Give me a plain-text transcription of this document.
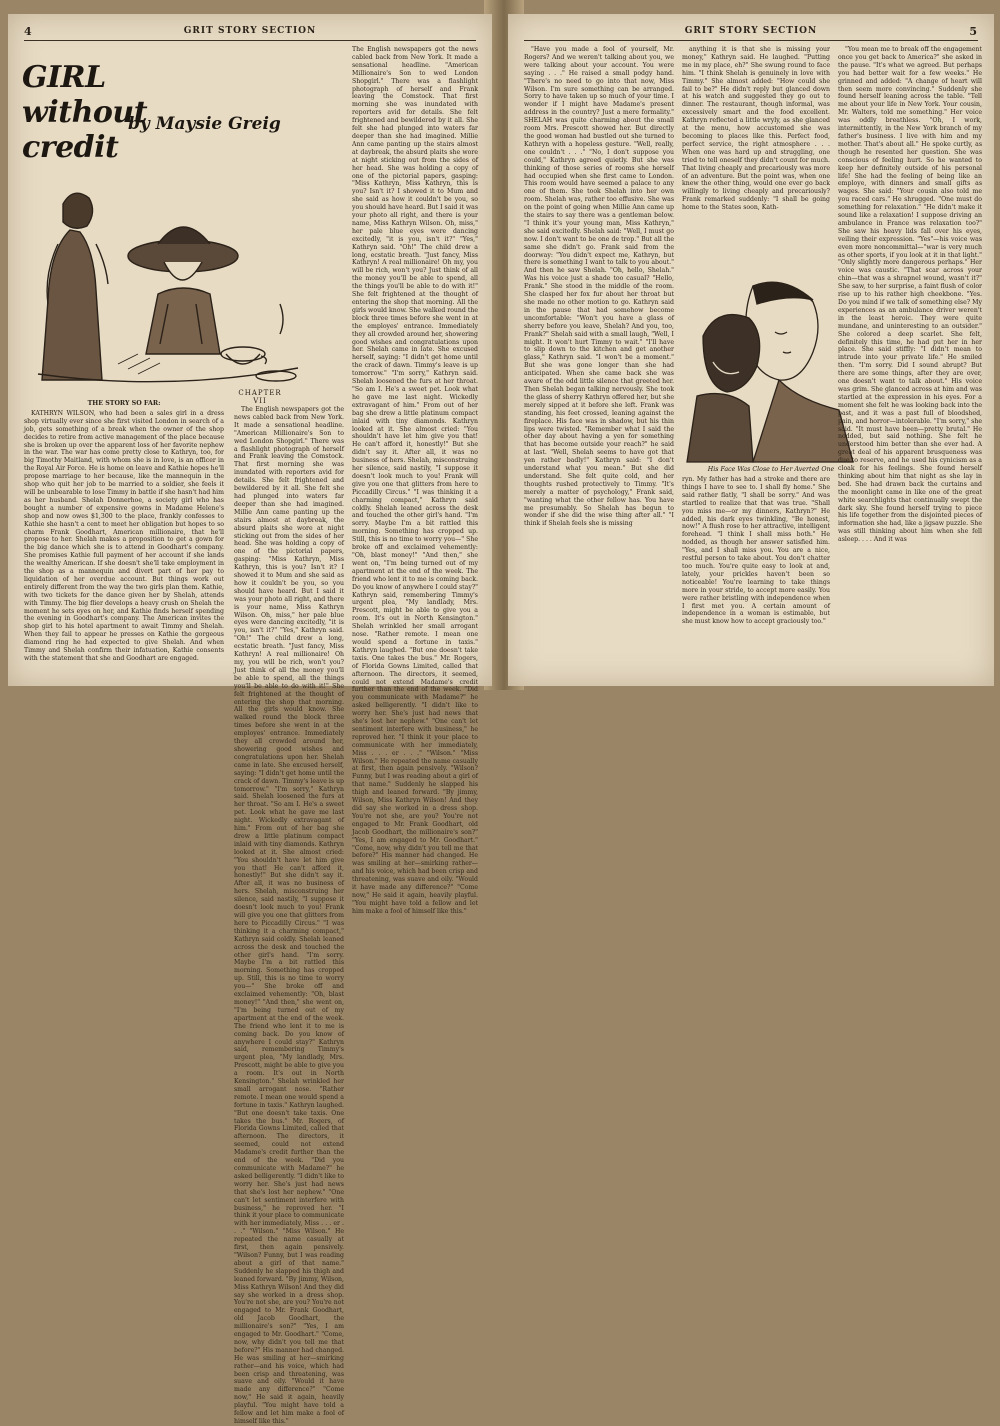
4	GRIT STORY SECTION
GIRL without credit
by Maysie Greig
CHAPTER VII

THE STORY SO FAR:

KATHRYN WILSON, who had been a sales girl in a dress shop virtually ever since she first visited London in search of a job, gets something of a break when the owner of the shop decides to retire from active management of the place because she is broken up over the apparent loss of her favorite nephew in the war. The war has come pretty close to Kathryn, too, for big Timothy Maitland, with whom she is in love, is an officer in the Royal Air Force. He is home on leave and Kathie hopes he'll propose marriage to her because, like the mannequin in the shop who quit her job to be married to a soldier, she feels it will be unbearable to lose Timmy in battle if she hasn't had him as her husband. Shelah Donnerhoe, a society girl who has bought a number of expensive gowns in Madame Helene's shop and now owes $1,300 to the place, frankly confesses to Kathie she hasn't a cent to meet her obligation but hopes to so charm Frank Goodhart, American millionaire, that he'll propose to her. Shelah makes a proposition to get a gown for the big dance which she is to attend in Goodhart's company. She promises Kathie full payment of her account if she lands the wealthy American. If she doesn't she'll take employment in the shop as a mannequin and divert part of her pay to liquidation of her overdue account. But things work out entirely different from the way the two girls plan them. Kathie, with two tickets for the dance given her by Shelah, attends with Timmy. The big flier develops a heavy crush on Shelah the moment he sets eyes on her, and Kathie finds herself spending the evening in Goodhart's company. The American invites the shop girl to his hotel apartment to await Timmy and Shelah. When they fail to appear he presses on Kathie the gorgeous diamond ring he had expected to give Shelah. And when Timmy and Shelah confirm their infatuation, Kathie consents with the statement that she and Goodhart are engaged.

The English newspapers got the news cabled back from New York. It made a sensational headline. "American Millionaire's Son to wed London Shopgirl." There was a flashlight photograph of herself and Frank leaving the Comstock. That first morning she was inundated with reporters avid for details. She felt frightened and bewildered by it all. She felt she had plunged into waters far deeper than she had imagined. Millie Ann came panting up the stairs almost at daybreak, the absurd plaits she wore at night sticking out from the sides of her head. She was holding a copy of one of the pictorial papers, gasping: "Miss Kathryn, Miss Kathryn, this is you? Isn't it? I showed it to Mum and she said as how it couldn't be you, so you should have heard. But I said it was your photo all right, and there is your name, Miss Kathryn Wilson. Oh, miss," her pale blue eyes were dancing excitedly, "it is you, isn't it?" "Yes," Kathryn said. "Oh!" The child drew a long, ecstatic breath. "Just fancy, Miss Kathryn! A real millionaire! Oh my, you will be rich, won't you? Just think of all the money you'll be able to spend, all the things you'll be able to do with it!" She felt frightened at the thought of entering the shop that morning. All the girls would know. She walked round the block three times before she went in at the employes' entrance. Immediately they all crowded around her, showering good wishes and congratulations upon her. Shelah came in late. She excused herself, saying: "I didn't get home until the crack of dawn. Timmy's leave is up tomorrow." "I'm sorry," Kathryn said. Shelah loosened the furs at her throat. "So am I. He's a sweet pet. Look what he gave me last night. Wickedly extravagant of him." From out of her bag she drew a little platinum compact inlaid with tiny diamonds. Kathryn looked at it. She almost cried: "You shouldn't have let him give you that! He can't afford it, honestly!" But she didn't say it. After all, it was no business of hers. Shelah, misconstruing her silence, said nastily, "I suppose it doesn't look much to you! Frank will give you one that glitters from here to Piccadilly Circus." "I was thinking it a charming compact," Kathryn said coldly. Shelah leaned across the desk and touched the other girl's hand. "I'm sorry. Maybe I'm a bit rattled this morning. Something has cropped up. Still, this is no time to worry you—" She broke off and exclaimed vehemently: "Oh, blast money!" "And then," she went on, "I'm being turned out of my apartment at the end of the week. The friend who lent it to me is coming back. Do you know of anywhere I could stay?" Kathryn said, remembering Timmy's urgent plea, "My landlady, Mrs. Prescott, might be able to give you a room. It's out in North Kensington." Shelah wrinkled her small arrogant nose. "Rather remote. I mean one would spend a fortune in taxis." Kathryn laughed. "But one doesn't take taxis. One takes the bus." Mr. Rogers, of Florida Gowns Limited, called that afternoon. The directors, it seemed, could not extend Madame's credit further than the end of the week. "Did you communicate with Madame?" he asked belligerently. "I didn't like to worry her. She's just had news that she's lost her nephew." "One can't let sentiment interfere with business," he reproved her. "I think it your place to communicate with her immediately, Miss . . . er . . ." "Wilson." "Miss Wilson." He repeated the name casually at first, then again pensively. "Wilson? Funny, but I was reading about a girl of that name." Suddenly he slapped his thigh and leaned forward. "By jimmy, Wilson, Miss Kathryn Wilson! And they did say she worked in a dress shop. You're not she, are you? You're not engaged to Mr. Frank Goodhart, old Jacob Goodhart, the millionaire's son?" "Yes, I am engaged to Mr. Goodhart." "Come, now, why didn't you tell me that before?" His manner had changed. He was smiling at her—smirking rather—and his voice, which had been crisp and threatening, was suave and oily. "Would it have made any difference?" "Come now," He said it again, heavily playful. "You might have told a fellow and let him make a fool of himself like this."

The English newspapers got the news cabled back from New York. It made a sensational headline. "American Millionaire's Son to wed London Shopgirl." There was a flashlight photograph of herself and Frank leaving the Comstock. That first morning she was inundated with reporters avid for details. She felt frightened and bewildered by it all. She felt she had plunged into waters far deeper than she had imagined. Millie Ann came panting up the stairs almost at daybreak, the absurd plaits she wore at night sticking out from the sides of her head. She was holding a copy of one of the pictorial papers, gasping: "Miss Kathryn, Miss Kathryn, this is you? Isn't it? I showed it to Mum and she said as how it couldn't be you, so you should have heard. But I said it was your photo all right, and there is your name, Miss Kathryn Wilson. Oh, miss," her pale blue eyes were dancing excitedly, "it is you, isn't it?" "Yes," Kathryn said. "Oh!" The child drew a long, ecstatic breath. "Just fancy, Miss Kathryn! A real millionaire! Oh my, you will be rich, won't you? Just think of all the money you'll be able to spend, all the things you'll be able to do with it!" She felt frightened at the thought of entering the shop that morning. All the girls would know. She walked round the block three times before she went in at the employes' entrance. Immediately they all crowded around her, showering good wishes and congratulations upon her. Shelah came in late. She excused herself, saying: "I didn't get home until the crack of dawn. Timmy's leave is up tomorrow." "I'm sorry," Kathryn said. Shelah loosened the furs at her throat. "So am I. He's a sweet pet. Look what he gave me last night. Wickedly extravagant of him." From out of her bag she drew a little platinum compact inlaid with tiny diamonds. Kathryn looked at it. She almost cried: "You shouldn't have let him give you that! He can't afford it, honestly!" But she didn't say it. After all, it was no business of hers. Shelah, misconstruing her silence, said nastily, "I suppose it doesn't look much to you! Frank will give you one that glitters from here to Piccadilly Circus." "I was thinking it a charming compact," Kathryn said coldly. Shelah leaned across the desk and touched the other girl's hand. "I'm sorry. Maybe I'm a bit rattled this morning. Something has cropped up. Still, this is no time to worry you—" She broke off and exclaimed vehemently: "Oh, blast money!" "And then," she went on, "I'm being turned out of my apartment at the end of the week. The friend who lent it to me is coming back. Do you know of anywhere I could stay?" Kathryn said, remembering Timmy's urgent plea, "My landlady, Mrs. Prescott, might be able to give you a room. It's out in North Kensington." Shelah wrinkled her small arrogant nose. "Rather remote. I mean one would spend a fortune in taxis." Kathryn laughed. "But one doesn't take taxis. One takes the bus." Mr. Rogers, of Florida Gowns Limited, called that afternoon. The directors, it seemed, could not extend Madame's credit further than the end of the week. "Did you communicate with Madame?" he asked belligerently. "I didn't like to worry her. She's just had news that she's lost her nephew." "One can't let sentiment interfere with business," he reproved her. "I think it your place to communicate with her immediately, Miss . . . er . . ." "Wilson." "Miss Wilson." He repeated the name casually at first, then again pensively. "Wilson? Funny, but I was reading about a girl of that name." Suddenly he slapped his thigh and leaned forward. "By jimmy, Wilson, Miss Kathryn Wilson! And they did say she worked in a dress shop. You're not she, are you? You're not engaged to Mr. Frank Goodhart, old Jacob Goodhart, the millionaire's son?" "Yes, I am engaged to Mr. Goodhart." "Come, now, why didn't you tell me that before?" His manner had changed. He was smiling at her—smirking rather—and his voice, which had been crisp and threatening, was suave and oily. "Would it have made any difference?" "Come now," He said it again, heavily playful. "You might have told a fellow and let him make a fool of himself like this."

GRIT STORY SECTION	5

"Have you made a fool of yourself, Mr. Rogers? And we weren't talking about you, we were talking about your account. You were saying . . ." He raised a small podgy hand. "There's no need to go into that now, Miss Wilson. I'm sure something can be arranged. Sorry to have taken up so much of your time. I wonder if I might have Madame's present address in the country? Just a mere formality." SHELAH was quite charming about the small room Mrs. Prescott showed her. But directly the good woman had bustled out she turned to Kathryn with a hopeless gesture. "Well, really, one couldn't . . ." "No, I don't suppose you could," Kathryn agreed quietly. But she was thinking of those series of rooms she herself had occupied when she first came to London. This room would have seemed a palace to any one of them. She took Shelah into her own room. Shelah was, rather too effusive. She was on the point of going when Millie Ann came up the stairs to say there was a gentleman below. "I think it's your young man, Miss Kathryn," she said excitedly. Shelah said: "Well, I must go now. I don't want to be one de trop." But all the same she didn't go. Frank said from the doorway: "You didn't expect me, Kathryn, but there is something I want to talk to you about." And then he saw Shelah. "Oh, hello, Shelah." Was his voice just a shade too casual? "Hello, Frank." She stood in the middle of the room. She clasped her fox fur about her throat but she made no other motion to go. Kathryn said in the pause that had somehow become uncomfortable: "Won't you have a glass of sherry before you leave, Shelah? And you, too, Frank?" Shelah said with a small laugh, "Well, I might. It won't hurt Timmy to wait." "I'll have to slip down to the kitchen and get another glass," Kathryn said. "I won't be a moment." But she was gone longer than she had anticipated. When she came back she was aware of the odd little silence that greeted her. Then Shelah began talking nervously. She took the glass of sherry Kathryn offered her, but she merely sipped at it before she left. Frank was standing, his feet crossed, leaning against the fireplace. His face was in shadow, but his thin lips were twisted. "Remember what I said the other day about having a yen for something that has become outside your reach?" he said at last. "Well, Shelah seems to have got that yen rather badly!" Kathryn said: "I don't understand what you mean." But she did understand. She felt quite cold, and her thoughts rushed protectively to Timmy. "It's merely a matter of psychology," Frank said, "wanting what the other fellow has. You have me presumably. So Shelah has begun to wonder if she did the wise thing after all." "I think if Shelah feels she is missing

anything it is that she is missing your money," Kathryn said. He laughed. "Putting me in my place, eh?" She swung round to face him. "I think Shelah is genuinely in love with Timmy." She almost added: "How could she fail to be?" He didn't reply but glanced down at his watch and suggested they go out to dinner. The restaurant, though informal, was excessively smart and the food excellent. Kathryn reflected a little wryly, as she glanced at the menu, how accustomed she was becoming to places like this. Perfect food, perfect service, the right atmosphere . . . When one was hard up and struggling, one tried to tell oneself they didn't count for much. That living cheaply and precariously was more of an adventure. But the point was, when one knew the other thing, would one ever go back willingly to living cheaply and precariously? Frank remarked suddenly: "I shall be going home to the States soon, Kath-

His Face Was Close to Her Averted One

ryn. My father has had a stroke and there are things I have to see to. I shall fly home." She said rather flatly, "I shall be sorry." And was startled to realize that that was true. "Shall you miss me—or my dinners, Kathryn?" He added, his dark eyes twinkling, "Be honest, now!" A flush rose to her attractive, intelligent forehead. "I think I shall miss both." He nodded, as though her answer satisfied him. "Yes, and I shall miss you. You are a nice, restful person to take about. You don't chatter too much. You're quite easy to look at and, lately, your prickles haven't been so noticeable! You're learning to take things more in your stride, to accept more easily. You were rather bristling with independence when I first met you. A certain amount of independence in a woman is estimable, but she must know how to accept graciously too."

"You mean me to break off the engagement once you get back to America?" she asked in the pause. "It's what we agreed. But perhaps you had better wait for a few weeks." He grinned and added: "A change of heart will then seem more convincing." Suddenly she found herself leaning across the table. "Tell me about your life in New York. Your cousin, Mr. Walters, told me something." Her voice was oddly breathless. "Oh, I work, intermittently, in the New York branch of my father's business. I live with him and my mother. That's about all." He spoke curtly, as though he resented her question. She was conscious of feeling hurt. So he wanted to keep her definitely outside of his personal life! She had the feeling of being like an employe, with dinners and small gifts as wages. She said: "Your cousin also told me you raced cars." He shrugged. "One must do something for relaxation." "He didn't make it sound like a relaxation! I suppose driving an ambulance in France was relaxation too?" She saw his heavy lids fall over his eyes, veiling their expression. "Yes"—his voice was even more noncommittal—"war is very much as other sports, if you look at it in that light." "Only slightly more dangerous perhaps." Her voice was caustic. "That scar across your chin—that was a shrapnel wound, wasn't it?" She saw, to her surprise, a faint flush of color rise up to his rather high cheekbone. "Yes. Do you mind if we talk of something else? My experiences as an ambulance driver weren't in the least heroic. They were quite mundane, and uninteresting to an outsider." She colored a deep scarlet. She felt, definitely this time, he had put her in her place. She said stiffly: "I didn't mean to intrude into your private life." He smiled then. "I'm sorry. Did I sound abrupt? But there are some things, after they are over, one doesn't want to talk about." His voice was grim. She glanced across at him and was startled at the expression in his eyes. For a moment she felt he was looking back into the past, and it was a past full of bloodshed, pain, and horror—intolerable. "I'm sorry," she said. "It must have been—pretty brutal." He nodded, but said nothing. She felt he understood him better than she ever had. A great deal of his apparent brusqueness was due to reserve, and he used his cynicism as a cloak for his feelings. She found herself thinking about him that night as she lay in bed. She had drawn back the curtains and the moonlight came in like one of the great white searchlights that continually swept the dark sky. She found herself trying to piece his life together from the disjointed pieces of information she had, like a jigsaw puzzle. She was still thinking about him when she fell asleep. . . . And it was
